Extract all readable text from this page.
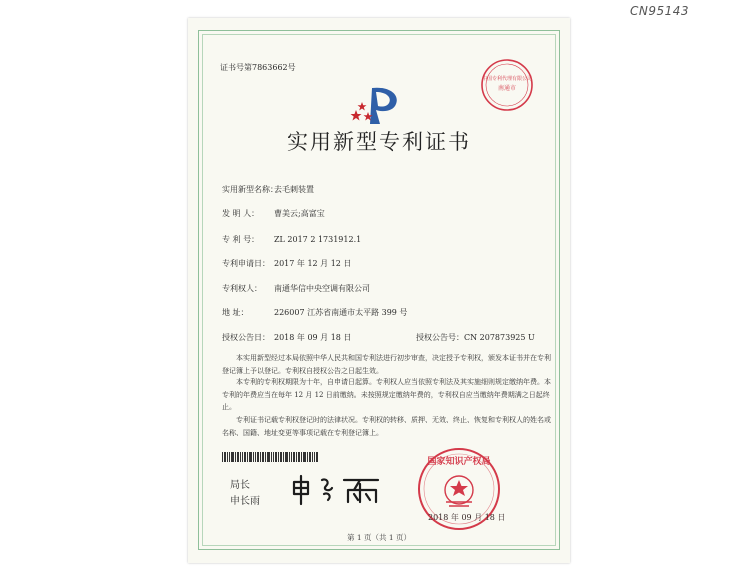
CN95143
证书号第7863662号
中国专利代理有限公司
南通市
实用新型专利证书
实用新型名称：去毛刺装置
发 明 人： 曹美云;高富宝
专 利 号： ZL 2017 2 1731912.1
专利申请日： 2017 年 12 月 12 日
专利权人： 南通华信中央空调有限公司
地 址：	226007 江苏省南通市太平路 399 号
授权公告日： 2018 年 09 月 18 日	授权公告号：CN 207873925 U
本实用新型经过本局依照中华人民共和国专利法进行初步审查，决定授予专利权，颁发本证书并在专利登记簿上予以登记。专利权自授权公告之日起生效。
本专利的专利权期限为十年，自申请日起算。专利权人应当依照专利法及其实施细则规定缴纳年费。本专利的年费应当在每年 12 月 12 日前缴纳。未按照规定缴纳年费的，专利权自应当缴纳年费期满之日起终止。
专利证书记载专利权登记时的法律状况。专利权的转移、质押、无效、终止、恢复和专利权人的姓名或名称、国籍、地址变更等事项记载在专利登记簿上。
局长
申长雨
国家知识产权局
2018 年 09 月 18 日
第 1 页（共 1 页）
